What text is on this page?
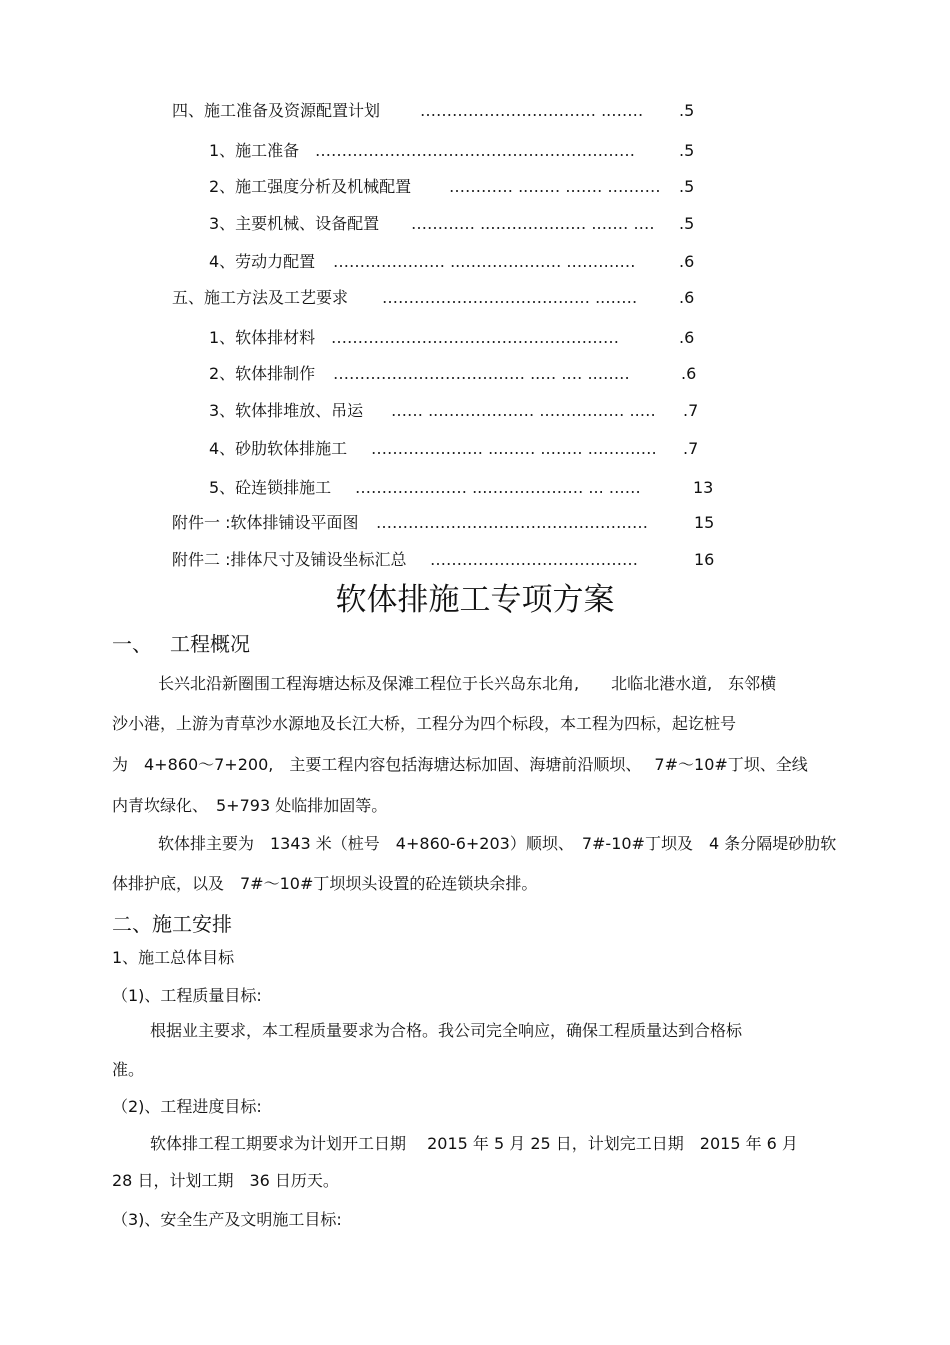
四、施工准备及资源配置计划 …………………………… ..…… .5
1、施工准备 ……………………………………………………	.5
2、施工强度分析及机械配置 ………… ..…… .…… .……… .5
3、主要机械、设备配置 ………… ..……………… .…… .… .5
4、劳动力配置 ………………… ...……………… .…………	.6
五、施工方法及工艺要求 ………………………………… ..……	.6
1、软体排材料 ………………………………………………	.6
2、软体排制作 ……………………………… ..… .… ..……	.6
3、软体排堆放、吊运 …… ..……………… .…………… ..… .7
4、砂肋软体排施工 ………………… ...…… ..…… .………… .7
5、砼连锁排施工 ………………… ...……………… ... ……	13
附件一 :软体排铺设平面图 ……………………………………………	15
附件二 :排体尺寸及铺设坐标汇总 …………………………………	16
软体排施工专项方案
一、 工程概况
长兴北沿新圈围工程海塘达标及保滩工程位于长兴岛东北角,　　北临北港水道,　东邻横
沙小港，上游为青草沙水源地及长江大桥，工程分为四个标段，本工程为四标，起讫桩号
为　4+860～7+200,　主要工程内容包括海塘达标加固、海塘前沿顺坝、　 7#～10#丁坝、全线
内青坎绿化、　5+793 处临排加固等。
软体排主要为　1343 米（桩号　4+860-6+203）顺坝、　7#-10#丁坝及　4 条分隔堤砂肋软
体排护底，以及　7#～10#丁坝坝头设置的砼连锁块余排。
二、施工安排
1、施工总体目标
（1)、工程质量目标:
根据业主要求，本工程质量要求为合格。我公司完全响应，确保工程质量达到合格标
准。
（2)、工程进度目标:
软体排工程工期要求为计划开工日期　 2015 年 5 月 25 日，计划完工日期　2015 年 6 月
28 日，计划工期　36 日历天。
（3)、安全生产及文明施工目标:
